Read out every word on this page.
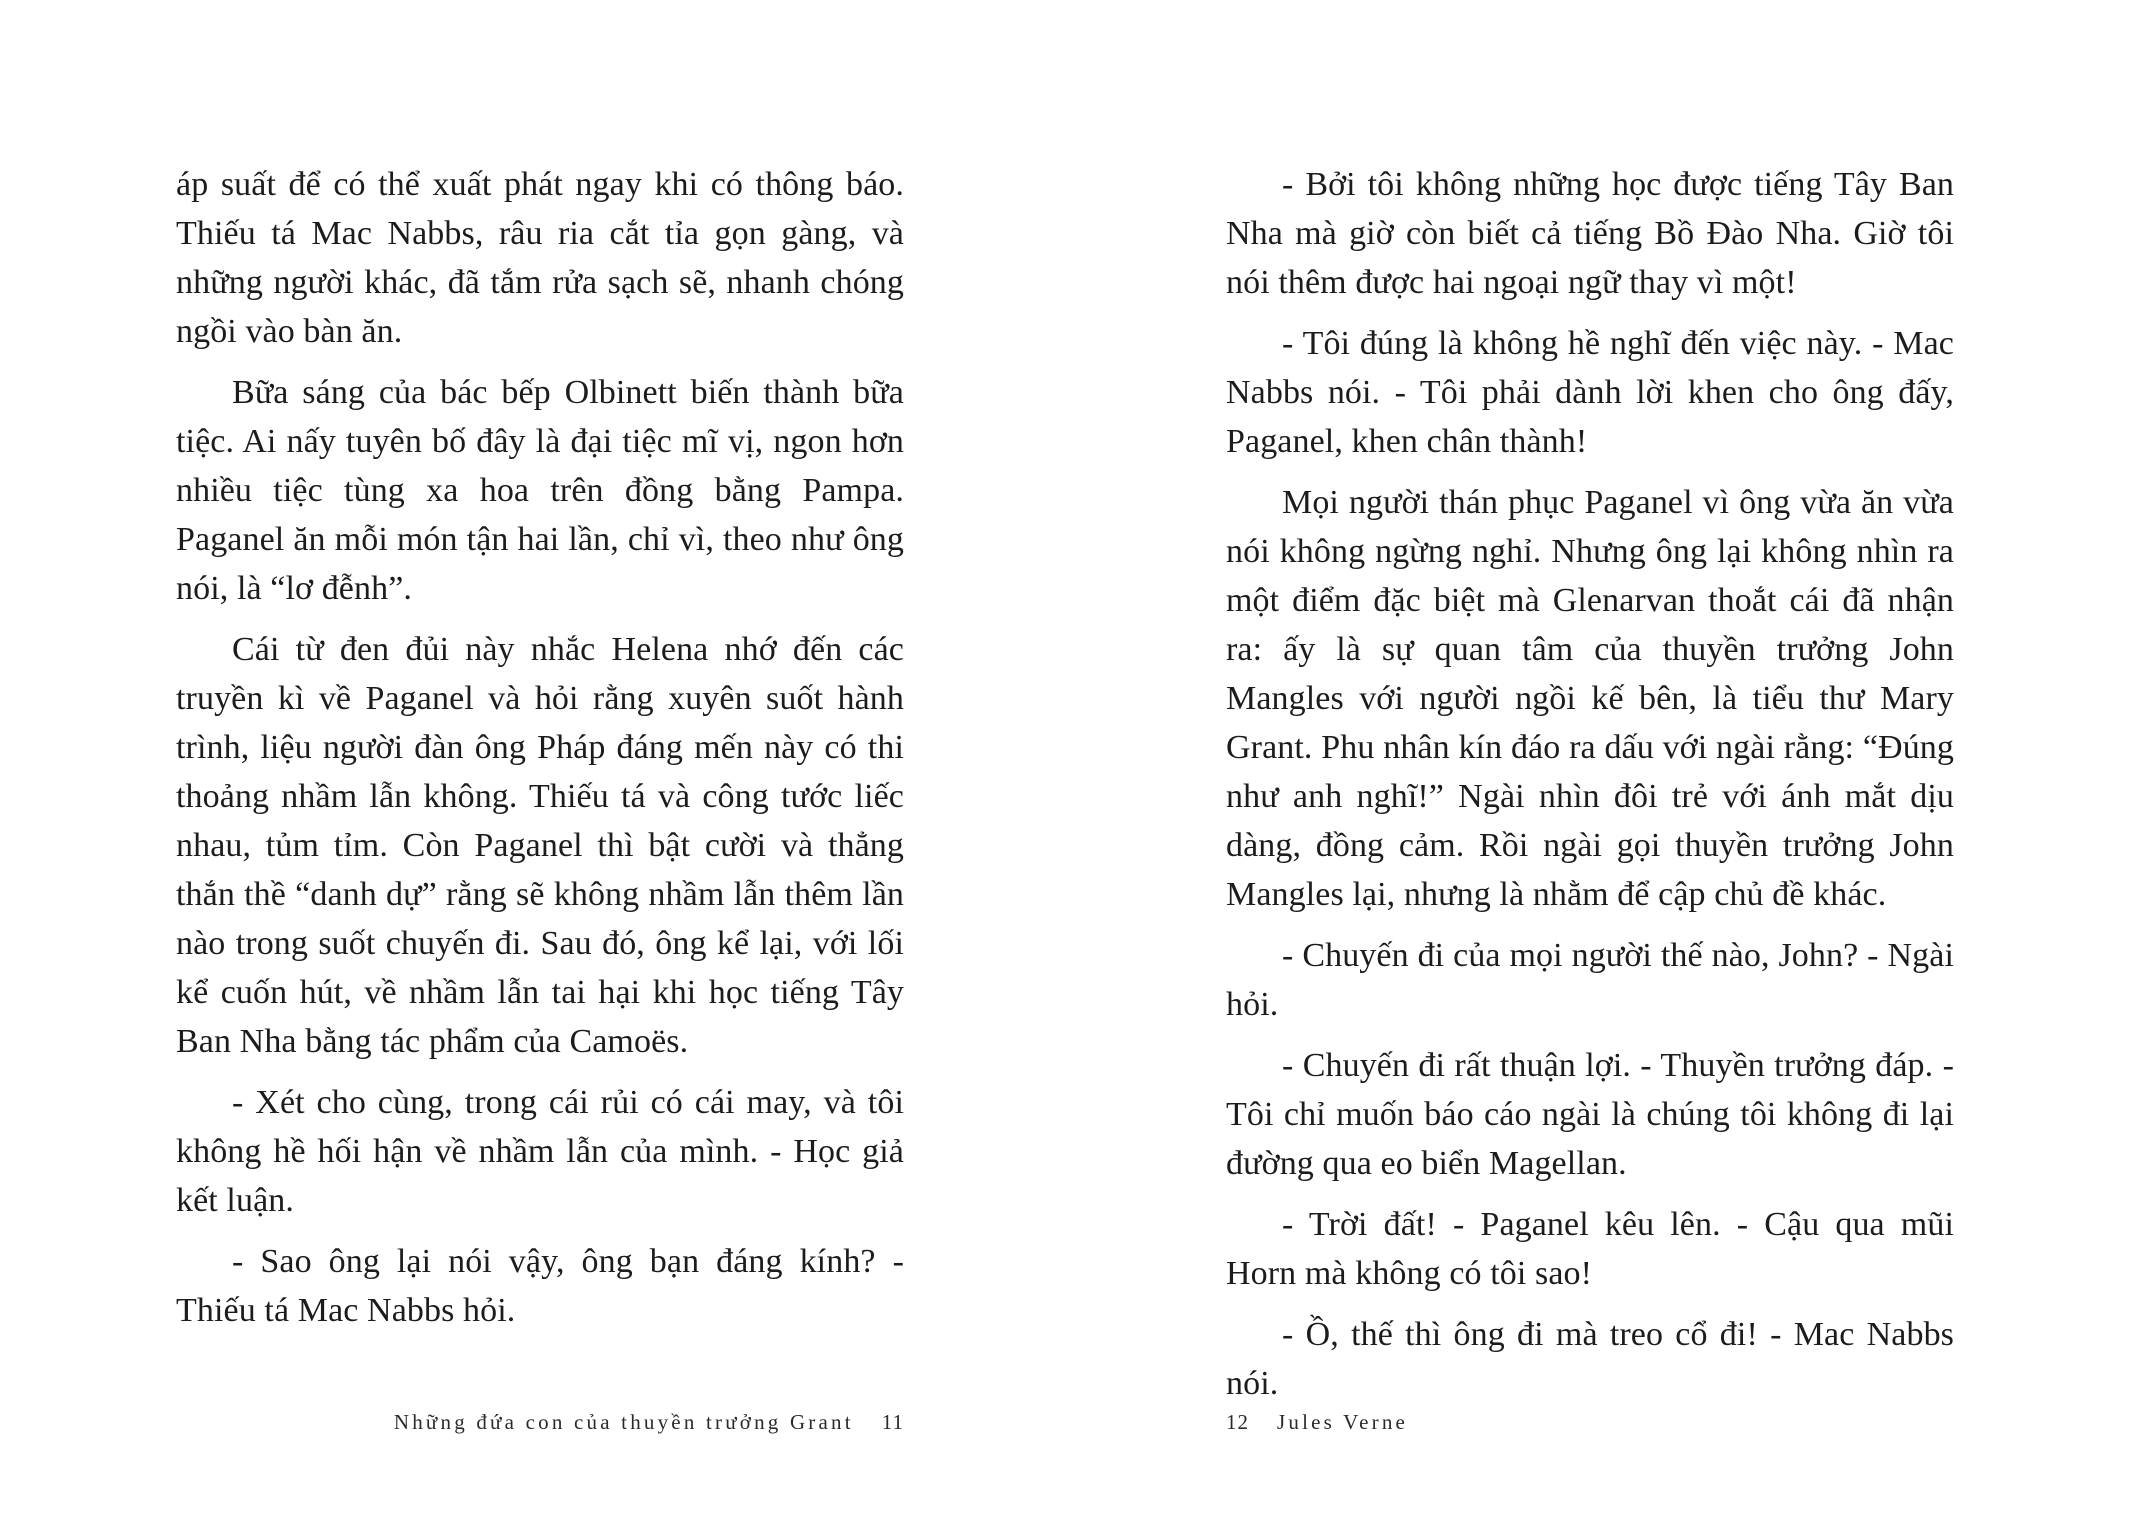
áp suất để có thể xuất phát ngay khi có thông báo. Thiếu tá Mac Nabbs, râu ria cắt tỉa gọn gàng, và những người khác, đã tắm rửa sạch sẽ, nhanh chóng ngồi vào bàn ăn.

Bữa sáng của bác bếp Olbinett biến thành bữa tiệc. Ai nấy tuyên bố đây là đại tiệc mĩ vị, ngon hơn nhiều tiệc tùng xa hoa trên đồng bằng Pampa. Paganel ăn mỗi món tận hai lần, chỉ vì, theo như ông nói, là “lơ đễnh”.

Cái từ đen đủi này nhắc Helena nhớ đến các truyền kì về Paganel và hỏi rằng xuyên suốt hành trình, liệu người đàn ông Pháp đáng mến này có thi thoảng nhầm lẫn không. Thiếu tá và công tước liếc nhau, tủm tỉm. Còn Paganel thì bật cười và thẳng thắn thề “danh dự” rằng sẽ không nhầm lẫn thêm lần nào trong suốt chuyến đi. Sau đó, ông kể lại, với lối kể cuốn hút, về nhầm lẫn tai hại khi học tiếng Tây Ban Nha bằng tác phẩm của Camoës.

- Xét cho cùng, trong cái rủi có cái may, và tôi không hề hối hận về nhầm lẫn của mình. - Học giả kết luận.

- Sao ông lại nói vậy, ông bạn đáng kính? - Thiếu tá Mac Nabbs hỏi.

Những đứa con của thuyền trưởng Grant 11

- Bởi tôi không những học được tiếng Tây Ban Nha mà giờ còn biết cả tiếng Bồ Đào Nha. Giờ tôi nói thêm được hai ngoại ngữ thay vì một!

- Tôi đúng là không hề nghĩ đến việc này. - Mac Nabbs nói. - Tôi phải dành lời khen cho ông đấy, Paganel, khen chân thành!

Mọi người thán phục Paganel vì ông vừa ăn vừa nói không ngừng nghỉ. Nhưng ông lại không nhìn ra một điểm đặc biệt mà Glenarvan thoắt cái đã nhận ra: ấy là sự quan tâm của thuyền trưởng John Mangles với người ngồi kế bên, là tiểu thư Mary Grant. Phu nhân kín đáo ra dấu với ngài rằng: “Đúng như anh nghĩ!” Ngài nhìn đôi trẻ với ánh mắt dịu dàng, đồng cảm. Rồi ngài gọi thuyền trưởng John Mangles lại, nhưng là nhằm để cập chủ đề khác.

- Chuyến đi của mọi người thế nào, John? - Ngài hỏi.

- Chuyến đi rất thuận lợi. - Thuyền trưởng đáp. - Tôi chỉ muốn báo cáo ngài là chúng tôi không đi lại đường qua eo biển Magellan.

- Trời đất! - Paganel kêu lên. - Cậu qua mũi Horn mà không có tôi sao!

- Ồ, thế thì ông đi mà treo cổ đi! - Mac Nabbs nói.

12 Jules Verne
